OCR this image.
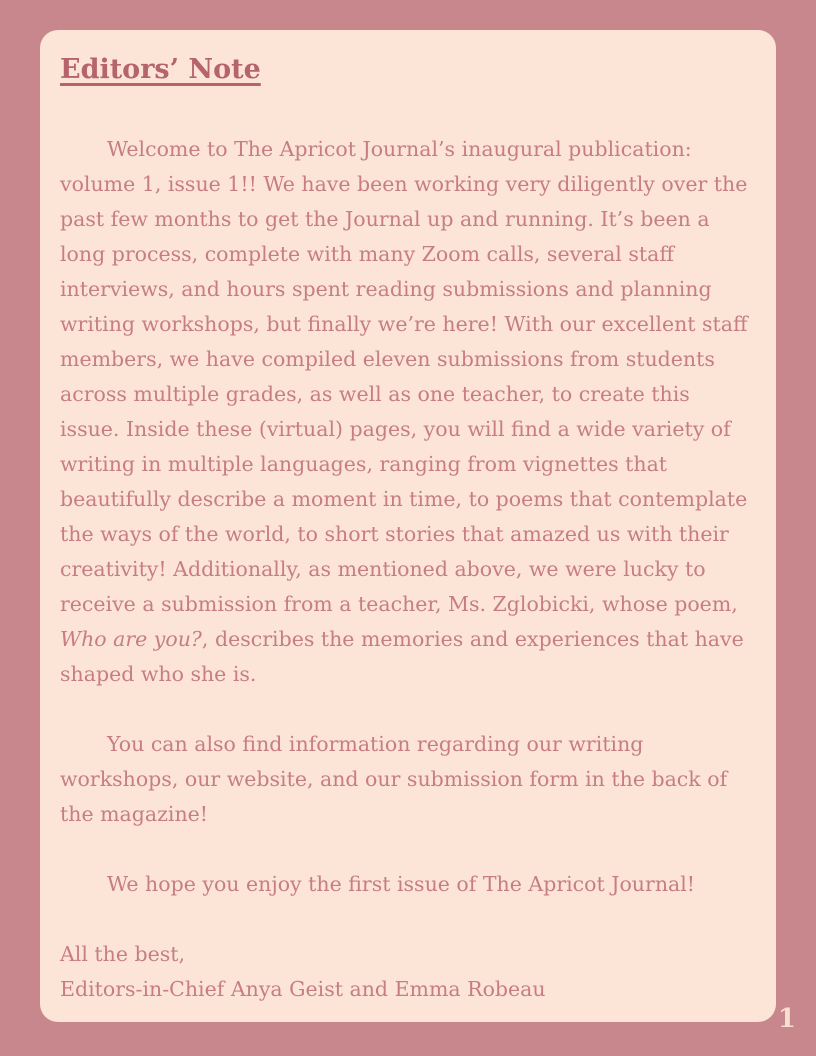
Editors’ Note

Welcome to The Apricot Journal’s inaugural publication: volume 1, issue 1!! We have been working very diligently over the past few months to get the Journal up and running. It’s been a long process, complete with many Zoom calls, several staff interviews, and hours spent reading submissions and planning writing workshops, but finally we’re here! With our excellent staff members, we have compiled eleven submissions from students across multiple grades, as well as one teacher, to create this issue. Inside these (virtual) pages, you will find a wide variety of writing in multiple languages, ranging from vignettes that beautifully describe a moment in time, to poems that contemplate the ways of the world, to short stories that amazed us with their creativity! Additionally, as mentioned above, we were lucky to receive a submission from a teacher, Ms. Zglobicki, whose poem, Who are you?, describes the memories and experiences that have shaped who she is.

You can also find information regarding our writing workshops, our website, and our submission form in the back of the magazine!

We hope you enjoy the first issue of The Apricot Journal!

All the best,

Editors-in-Chief Anya Geist and Emma Robeau

1
